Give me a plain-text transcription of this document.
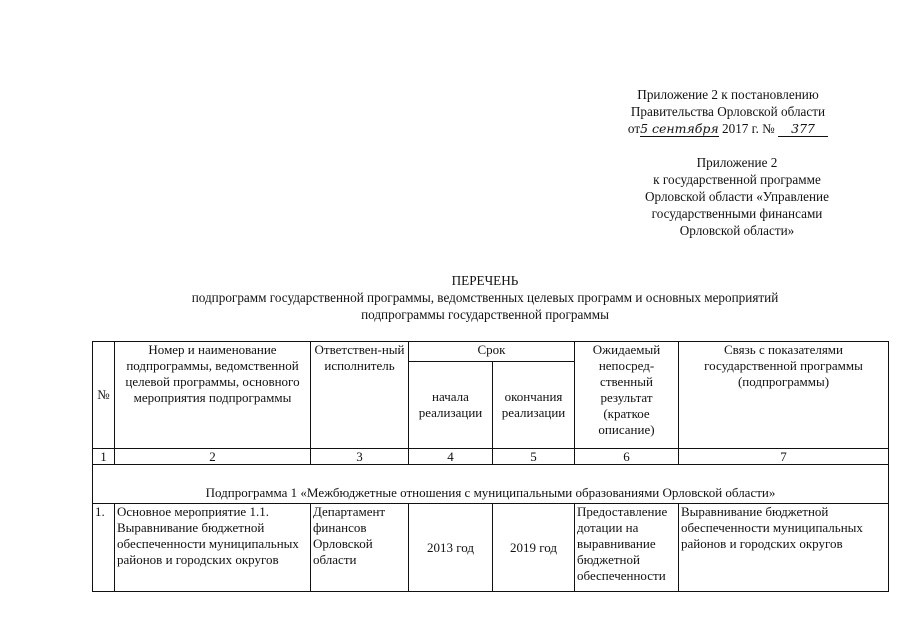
Приложение 2 к постановлению
Правительства Орловской области
от5 сентября 2017 г. № 377
Приложение 2
к государственной программе
Орловской области «Управление
государственными финансами
Орловской области»
ПЕРЕЧЕНЬ
подпрограмм государственной программы, ведомственных целевых программ и основных мероприятий
подпрограммы государственной программы
№	Номер и наименование подпрограммы, ведомственной целевой программы, основного мероприятия подпрограммы	Ответствен-ный исполнитель	Срок		Ожидаемый непосред-ственный результат (краткое описание)	Связь с показателями государственной программы (подпрограммы)
			начала реализации	окончания реализации		
1	2	3	4	5	6	7
Подпрограмма 1 «Межбюджетные отношения с муниципальными образованиями Орловской области»						
1.	Основное мероприятие 1.1. Выравнивание бюджетной обеспеченности муниципальных районов и городских округов	Департамент финансов Орловской области	2013 год	2019 год	Предоставление дотации на выравнивание бюджетной обеспеченности	Выравнивание бюджетной обеспеченности муниципальных районов и городских округов
